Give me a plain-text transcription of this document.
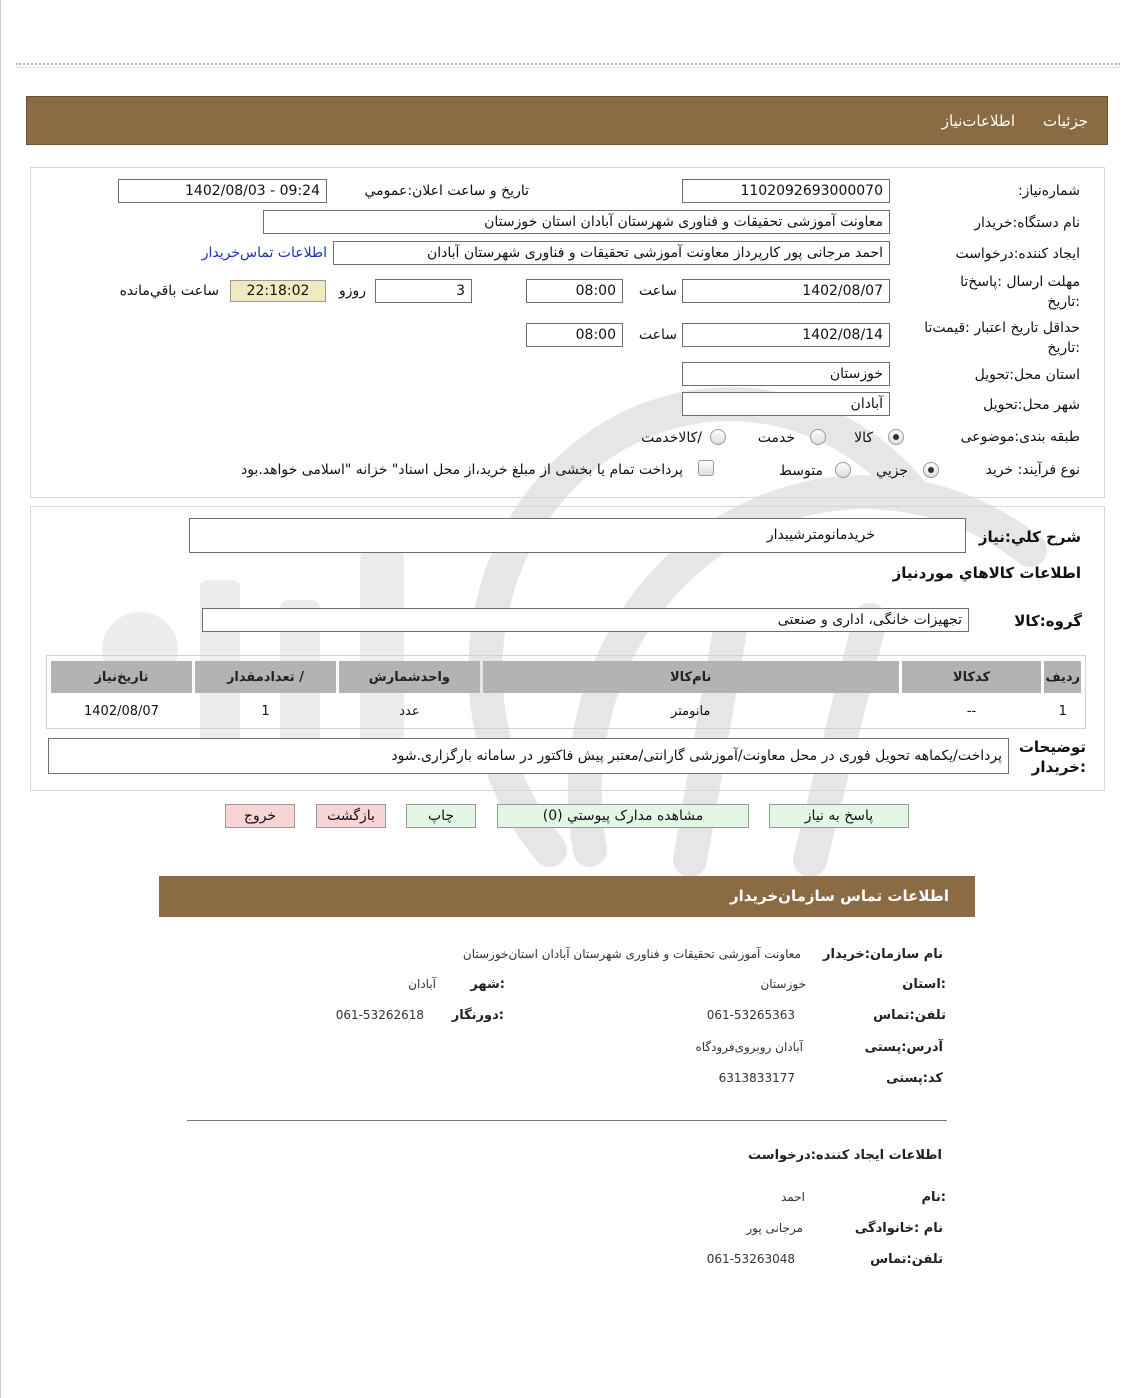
جزئیات
اطلاعات‌نیاز
شماره‌نیاز:
1102092693000070
تاریخ و ساعت اعلان‌:عمومي
1402/08/03 - 09:24
نام دستگاه‌:خریدار
معاونت آموزشی تحقیقات و فناوری شهرستان آبادان استان خوزستان
ایجاد کننده‌:درخواست
احمد مرجانی پور کارپرداز معاونت آموزشی تحقیقات و فناوری شهرستان آبادان
اطلاعات تماس‌خریدار
مهلت ارسال :پاسخ‌تا
:تاریخ
1402/08/07
ساعت
08:00
3
روزو
22:18:02
ساعت باقي‌مانده
حداقل تاریخ اعتبار :قیمت‌تا
:تاریخ
1402/08/14
ساعت
08:00
استان محل‌:تحویل
خوزستان
شهر محل‌:تحویل
آبادان
طبقه بندی‌:موضوعی
کالا
خدمت
/کالاخدمت
نوع فرآیند‌: خرید
جزیي
متوسط
پرداخت تمام یا بخشی از مبلغ خرید،از محل اسناد" خزانه "اسلامی خواهد.بود
شرح کلي‌:نیاز
خریدمانومترشیبدار
اطلاعات کالاهاي موردنیاز
گروه‌:کالا
تجهیزات خانگی، اداری و صنعتی
ردیف	کدکالا	نام‌کالا	واحدشمارش	/ تعدادمقدار	تاریخ‌نیاز
1	--	مانومتر	عدد	1	1402/08/07
توضیحات
:خریدار
پرداخت/یکماهه تحویل فوری در محل معاونت/آموزشی گارانتی/معتبر پیش فاکتور در سامانه بارگزاری.شود
پاسخ به نیاز
مشاهده مدارک پیوستي (0)
چاپ
بازگشت
خروج
اطلاعات تماس سازمان‌خریدار
نام سازمان‌:خریدار
معاونت آموزشی تحقیقات و فناوری شهرستان آبادان استان‌خوزستان
:استان
خوزستان
:شهر
آبادان
تلفن‌:تماس
061-53265363
:دورنگار
061-53262618
آدرس‌:پستی
آبادان روبروی‌فرودگاه
کد‌:پستی
6313833177
اطلاعات ایجاد کننده‌:درخواست
:نام
احمد
نام :خانوادگی
مرجانی پور
تلفن‌:تماس
061-53263048
